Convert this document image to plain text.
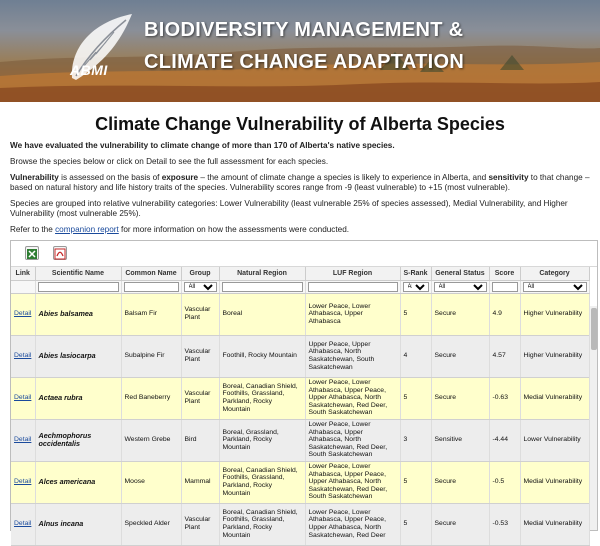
ABMI
BIODIVERSITY MANAGEMENT &
CLIMATE CHANGE ADAPTATION
Climate Change Vulnerability of Alberta Species

We have evaluated the vulnerability to climate change of more than 170 of Alberta's native species.

Browse the species below or click on Detail to see the full assessment for each species.

Vulnerability is assessed on the basis of exposure – the amount of climate change a species is likely to experience in Alberta, and sensitivity to that change – based on natural history and life history traits of the species. Vulnerability scores range from -9 (least vulnerable) to +15 (most vulnerable).

Species are grouped into relative vulnerability categories: Lower Vulnerability (least vulnerable 25% of species assessed), Medial Vulnerability, and Higher Vulnerability (most vulnerable 25%).

Refer to the companion report for more information on how the assessments were conducted.

Link	Scientific Name	Common Name	Group	Natural Region	LUF Region	S-Rank	General Status	Score	Category

All			
All	
All		
All
Detail	Abies balsamea	Balsam Fir	Vascular Plant	Boreal	Lower Peace, Lower Athabasca, Upper Athabasca	5	Secure	4.9	Higher Vulnerability
Detail	Abies lasiocarpa	Subalpine Fir	Vascular Plant	Foothill, Rocky Mountain	Upper Peace, Upper Athabasca, North Saskatchewan, South Saskatchewan	4	Secure	4.57	Higher Vulnerability
Detail	Actaea rubra	Red Baneberry	Vascular Plant	Boreal, Canadian Shield, Foothills, Grassland, Parkland, Rocky Mountain	Lower Peace, Lower Athabasca, Upper Peace, Upper Athabasca, North Saskatchewan, Red Deer, South Saskatchewan	5	Secure	-0.63	Medial Vulnerability
Detail	Aechmophorus occidentalis	Western Grebe	Bird	Boreal, Grassland, Parkland, Rocky Mountain	Lower Peace, Lower Athabasca, Upper Athabasca, North Saskatchewan, Red Deer, South Saskatchewan	3	Sensitive	-4.44	Lower Vulnerability
Detail	Alces americana	Moose	Mammal	Boreal, Canadian Shield, Foothills, Grassland, Parkland, Rocky Mountain	Lower Peace, Lower Athabasca, Upper Peace, Upper Athabasca, North Saskatchewan, Red Deer, South Saskatchewan	5	Secure	-0.5	Medial Vulnerability
Detail	Alnus incana	Speckled Alder	Vascular Plant	Boreal, Canadian Shield, Foothills, Grassland, Parkland, Rocky Mountain	Lower Peace, Lower Athabasca, Upper Peace, Upper Athabasca, North Saskatchewan, Red Deer	5	Secure	-0.53	Medial Vulnerability
